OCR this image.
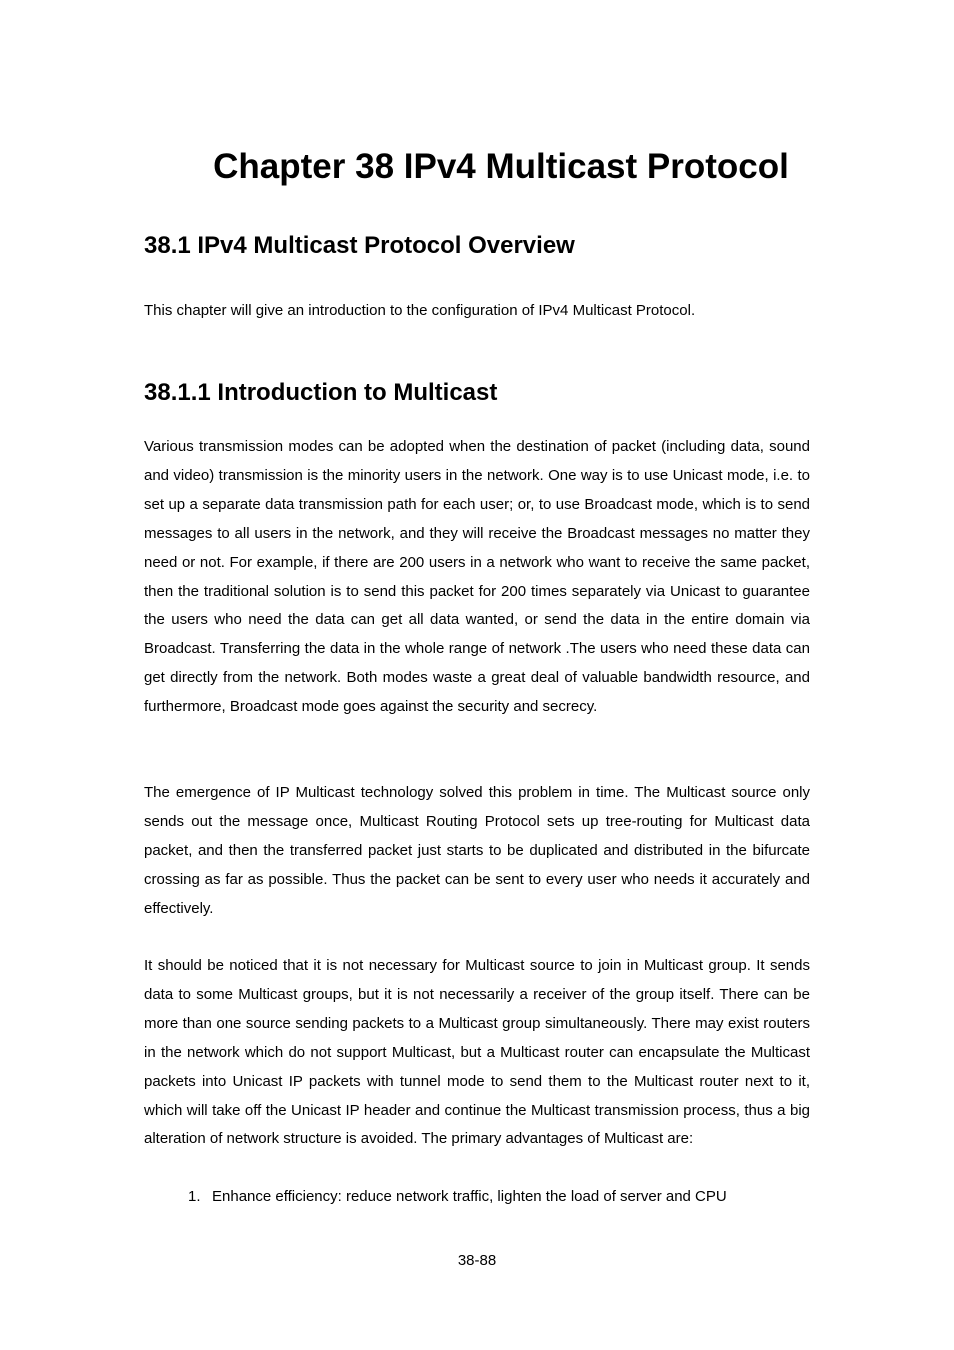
Chapter 38 IPv4 Multicast Protocol
38.1 IPv4 Multicast Protocol Overview

This chapter will give an introduction to the configuration of IPv4 Multicast Protocol.

38.1.1 Introduction to Multicast

Various transmission modes can be adopted when the destination of packet (including data, sound and video) transmission is the minority users in the network. One way is to use Unicast mode, i.e. to set up a separate data transmission path for each user; or, to use Broadcast mode, which is to send messages to all users in the network, and they will receive the Broadcast messages no matter they need or not. For example, if there are 200 users in a network who want to receive the same packet, then the traditional solution is to send this packet for 200 times separately via Unicast to guarantee the users who need the data can get all data wanted, or send the data in the entire domain via Broadcast. Transferring the data in the whole range of network .The users who need these data can get directly from the network. Both modes waste a great deal of valuable bandwidth resource, and furthermore, Broadcast mode goes against the security and secrecy.

The emergence of IP Multicast technology solved this problem in time. The Multicast source only sends out the message once, Multicast Routing Protocol sets up tree-routing for Multicast data packet, and then the transferred packet just starts to be duplicated and distributed in the bifurcate crossing as far as possible. Thus the packet can be sent to every user who needs it accurately and effectively.

It should be noticed that it is not necessary for Multicast source to join in Multicast group. It sends data to some Multicast groups, but it is not necessarily a receiver of the group itself. There can be more than one source sending packets to a Multicast group simultaneously. There may exist routers in the network which do not support Multicast, but a Multicast router can encapsulate the Multicast packets into Unicast IP packets with tunnel mode to send them to the Multicast router next to it, which will take off the Unicast IP header and continue the Multicast transmission process, thus a big alteration of network structure is avoided. The primary advantages of Multicast are:

1. Enhance efficiency: reduce network traffic, lighten the load of server and CPU

38-88
